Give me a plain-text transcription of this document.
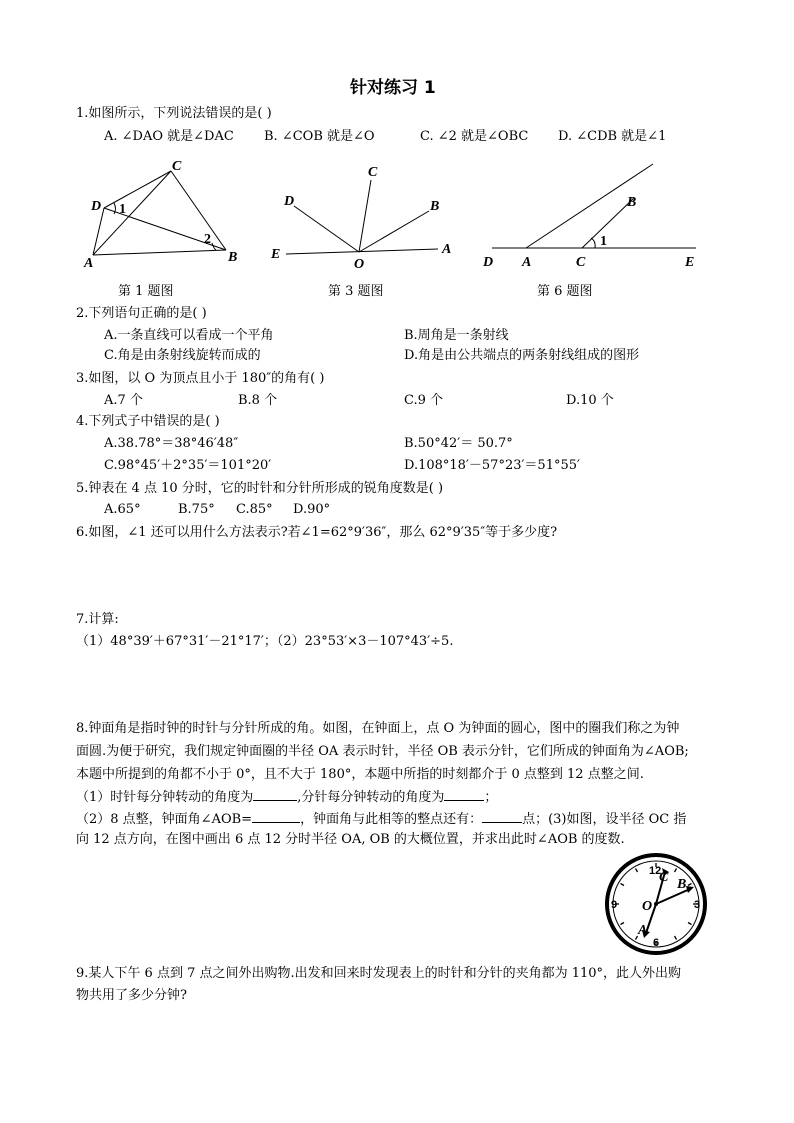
针对练习 1
1.如图所示，下列说法错误的是( )
A. ∠DAO 就是∠DAC B. ∠COB 就是∠O	C. ∠2 就是∠OBC D. ∠CDB 就是∠1
C
D 1
2
A	B
C
D	B
E
O
A
B
1
D A	C	E
第 1 题图	第 3 题图	第 6 题图
2.下列语句正确的是( )
A.一条直线可以看成一个平角	B.周角是一条射线
C.角是由条射线旋转而成的	D.角是由公共端点的两条射线组成的图形
3.如图，以 O 为顶点且小于 180″的角有( )
A.7 个	B.8 个	C.9 个	D.10 个
4.下列式子中错误的是( )
A.38.78°＝38°46′48″	B.50°42′＝ 50.7°
C.98°45′＋2°35′＝101°20′	D.108°18′－57°23′＝51°55′
5.钟表在 4 点 10 分时，它的时针和分针所形成的锐角度数是( )
A.65°	B.75° C.85° D.90°
6.如图，∠1 还可以用什么方法表示?若∠1=62°9′36″，那么 62°9′35″等于多少度?
7.计算:
（1）48°39′＋67°31′－21°17′；（2）23°53′×3－107°43′÷5.
8.钟面角是指时钟的时针与分针所成的角。如图，在钟面上，点 O 为钟面的圆心，图中的圈我们称之为钟
面圆.为便于研究，我们规定钟面圈的半径 OA 表示时针，半径 OB 表示分针，它们所成的钟面角为∠AOB;
本题中所提到的角都不小于 0°，且不大于 180°，本题中所指的时刻都介于 0 点整到 12 点整之间.
（1）时针每分钟转动的角度为	,分针每分钟转动的角度为	；
（2）8 点整，钟面角∠AOB=	，钟面角与此相等的整点还有：	点；(3)如图，设半径 OC 指
向 12 点方向，在图中画出 6 点 12 分时半径 OA, OB 的大概位置，并求出此时∠AOB 的度数.
12
3
6
9
C B
O
A
9.某人下午 6 点到 7 点之间外出购物.出发和回来时发现表上的时针和分针的夹角都为 110°，此人外出购
物共用了多少分钟?
